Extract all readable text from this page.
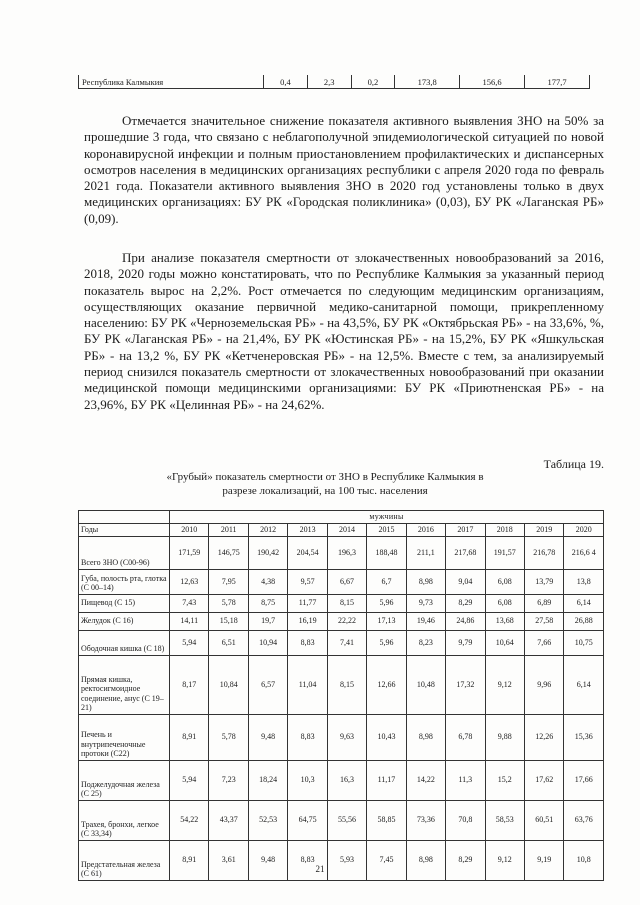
Республика Калмыкия	0,4	2,3	0,2	173,8	156,6	177,7

Отмечается значительное снижение показателя активного выявления ЗНО на 50% за прошедшие 3 года, что связано с неблагополучной эпидемиологической ситуацией по новой коронавирусной инфекции и полным приостановлением профилактических и диспансерных осмотров населения в медицинских организациях республики с апреля 2020 года по февраль 2021 года. Показатели активного выявления ЗНО в 2020 год установлены только в двух медицинских организациях: БУ РК «Городская поликлиника» (0,03), БУ РК «Лаганская РБ» (0,09).

При анализе показателя смертности от злокачественных новообразований за 2016, 2018, 2020 годы можно констатировать, что по Республике Калмыкия за указанный период показатель вырос на 2,2%. Рост отмечается по следующим медицинским организациям, осуществляющих оказание первичной медико-санитарной помощи, прикрепленному населению: БУ РК «Черноземельская РБ» - на 43,5%, БУ РК «Октябрьская РБ» - на 33,6%, %, БУ РК «Лаганская РБ» - на 21,4%, БУ РК «Юстинская РБ» - на 15,2%, БУ РК «Яшкульская РБ» - на 13,2 %, БУ РК «Кетченеровская РБ» - на 12,5%. Вместе с тем, за анализируемый период снизился показатель смертности от злокачественных новообразований при оказании медицинской помощи медицинскими организациями: БУ РК «Приютненская РБ» - на 23,96%, БУ РК «Целинная РБ» - на 24,62%.

Таблица 19.
«Грубый» показатель смертности от ЗНО в Республике Калмыкия в разрезе локализаций, на 100 тыс. населения
	мужчины										
Годы	2010	2011	2012	2013	2014	2015	2016	2017	2018	2019	2020
Всего ЗНО (С00-96)	171,59	146,75	190,42	204,54	196,3	188,48	211,1	217,68	191,57	216,78	216,6 4
Губа, полость рта, глотка (С 00–14)	12,63	7,95	4,38	9,57	6,67	6,7	8,98	9,04	6,08	13,79	13,8
Пищевод (С 15)	7,43	5,78	8,75	11,77	8,15	5,96	9,73	8,29	6,08	6,89	6,14
Желудок (С 16)	14,11	15,18	19,7	16,19	22,22	17,13	19,46	24,86	13,68	27,58	26,88
Ободочная кишка (С 18)	5,94	6,51	10,94	8,83	7,41	5,96	8,23	9,79	10,64	7,66	10,75
Прямая кишка, ректосигмоидное соединение, анус (С 19–21)	8,17	10,84	6,57	11,04	8,15	12,66	10,48	17,32	9,12	9,96	6,14
Печень и внутрипеченочные протоки (С22)	8,91	5,78	9,48	8,83	9,63	10,43	8,98	6,78	9,88	12,26	15,36
Поджелудочная железа (С 25)	5,94	7,23	18,24	10,3	16,3	11,17	14,22	11,3	15,2	17,62	17,66
Трахея, бронхи, легкое (С 33,34)	54,22	43,37	52,53	64,75	55,56	58,85	73,36	70,8	58,53	60,51	63,76
Предстательная железа (С 61)	8,91	3,61	9,48	8,83	5,93	7,45	8,98	8,29	9,12	9,19	10,8
21
